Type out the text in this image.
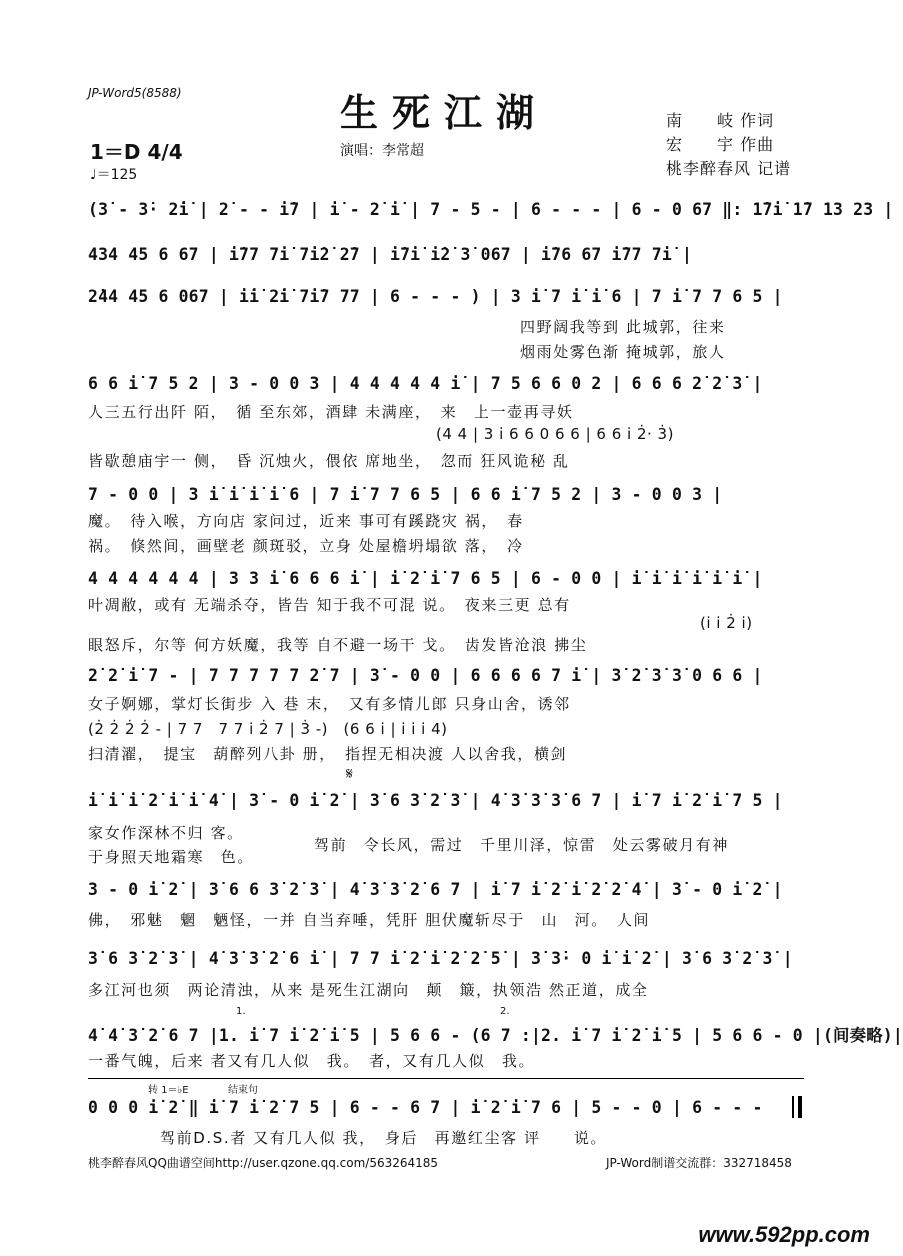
JP-Word5(8588)	生死江湖
演唱：李常超
南　　岐 作词
宏　　宇 作曲
桃李醉春风 记谱
1＝D 4/4
♩＝125
(3̇ - 3̇· 2̇i̇ | 2̇ - - i̇7 | i̇ - 2̇ i̇ | 7 - 5 - | 6 - - - | 6 - 0 67 ‖: 1̇7i̇ 1̇7 13 23 |
434 45 6 67 | i̇77 7i̇ 7i̇2̇ 2̇7 | i̇7i̇ i̇2̇ 3̇ 067 | i̇76 67 i̇77 7i̇ |
2̇44 45 6 067 | i̇i̇ 2̇i̇ 7i̇7 77 | 6 - - - ) | 3 i̇ 7 i̇ i̇ 6 | 7 i̇ 7 7 6 5 |
四野阔我等到 此城郭，往来
烟雨处雾色渐 掩城郭，旅人
6 6 i̇ 7 5 2 | 3 - 0 0 3 | 4 4 4 4 4 i̇ | 7 5 6 6 0 2 | 6 6 6 2̇ 2̇ 3̇ |
人三五行出阡 陌，　循 至东郊，酒肆 未满座，　来　上一壶再寻妖
(4 4 | 3 i̇ 6 6 0 6 6 | 6 6 i̇ 2̇· 3̇)
皆歇憩庙宇一 侧，　昏 沉烛火，偎依 席地坐，　忽而 狂风诡秘 乱
7 - 0 0 | 3 i̇ i̇ i̇ i̇ 6 | 7 i̇ 7 7 6 5 | 6 6 i̇ 7 5 2 | 3 - 0 0 3 |
魔。　待入喉，方向店 家问过，近来 事可有蹊跷灾 祸，　春
祸。　倏然间，画壁老 颜斑驳，立身 处屋檐坍塌欲 落，　冷
4 4 4 4 4 4 | 3 3 i̇ 6 6 6 i̇ | i̇ 2̇ i̇ 7 6 5 | 6 - 0 0 | i̇ i̇ i̇ i̇ i̇ i̇ |
叶凋敝，或有 无端杀夺，皆告 知于我不可混 说。　夜来三更 总有
(i̇ i̇ 2̇ i̇)
眼怒斥，尔等 何方妖魔，我等 自不避一场干 戈。　齿发皆沧浪 拂尘
2̇ 2̇ i̇ 7 - | 7 7 7 7 7 2̇ 7 | 3̇ - 0 0 | 6 6 6 6 7 i̇ | 3̇ 2̇ 3̇ 3̇ 0 6 6 |
女子婀娜，掌灯长街步 入 巷 末，　又有多情儿郎 只身山舍，诱邻
(2̇ 2̇ 2̇ 2̇ - | 7 7　7 7 i̇ 2̇ 7 | 3̇ -)　(6 6 i̇ | i̇ i̇ i̇ 4)
扫清濯，　提宝　葫醉列八卦 册，　指捏无相决渡 人以舍我，横剑
𝄋
i̇ i̇ i̇ 2̇ i̇ i̇ 4̇ | 3̇ - 0 i̇ 2̇ | 3̇ 6 3̇ 2̇ 3̇ | 4̇ 3̇ 3̇ 3̇ 6 7 | i̇ 7 i̇ 2̇ i̇ 7 5 |
家女作深林不归 客。
驾前　令长风，需过　千里川泽，惊雷　处云雾破月有神
于身照天地霜寒　色。
3 - 0 i̇ 2̇ | 3̇ 6 6 3̇ 2̇ 3̇ | 4̇ 3̇ 3̇ 2̇ 6 7 | i̇ 7 i̇ 2̇ i̇ 2̇ 2̇ 4̇ | 3̇ - 0 i̇ 2̇ |
佛，　邪魅　魍　魉怪，一并 自当弃唾，凭肝 胆伏魔斩尽于　山　河。　人间
3̇ 6 3̇ 2̇ 3̇ | 4̇ 3̇ 3̇ 2̇ 6 i̇ | 7 7 i̇ 2̇ i̇ 2̇ 2̇ 5̇ | 3̇ 3̇· 0 i̇ i̇ 2̇ | 3̇ 6 3̇ 2̇ 3̇ |
多江河也须　两论清浊，从来 是死生江湖向　颠　簸，执领浩 然正道，成全
1.	2.
4̇ 4̇ 3̇ 2̇ 6 7 |1. i̇ 7 i̇ 2̇ i̇ 5 | 5 6 6 - (6 7 :|2. i̇ 7 i̇ 2̇ i̇ 5 | 5 6 6 - 0 |(间奏略)|
一番气魄，后来 者又有几人似　我。　者，又有几人似　我。
转 1＝♭E	结束句
0 0 0 i̇ 2̇ ‖ i̇ 7 i̇ 2̇ 7 5 | 6 - - 6 7 | i̇ 2̇ i̇ 7 6 | 5 - - 0 | 6 - - -
驾前D.S.者 又有几人似 我，　身后　再邀红尘客 评　　说。
桃李醉春风QQ曲谱空间http://user.qzone.qq.com/563264185	JP-Word制谱交流群：332718458
www.592pp.com
